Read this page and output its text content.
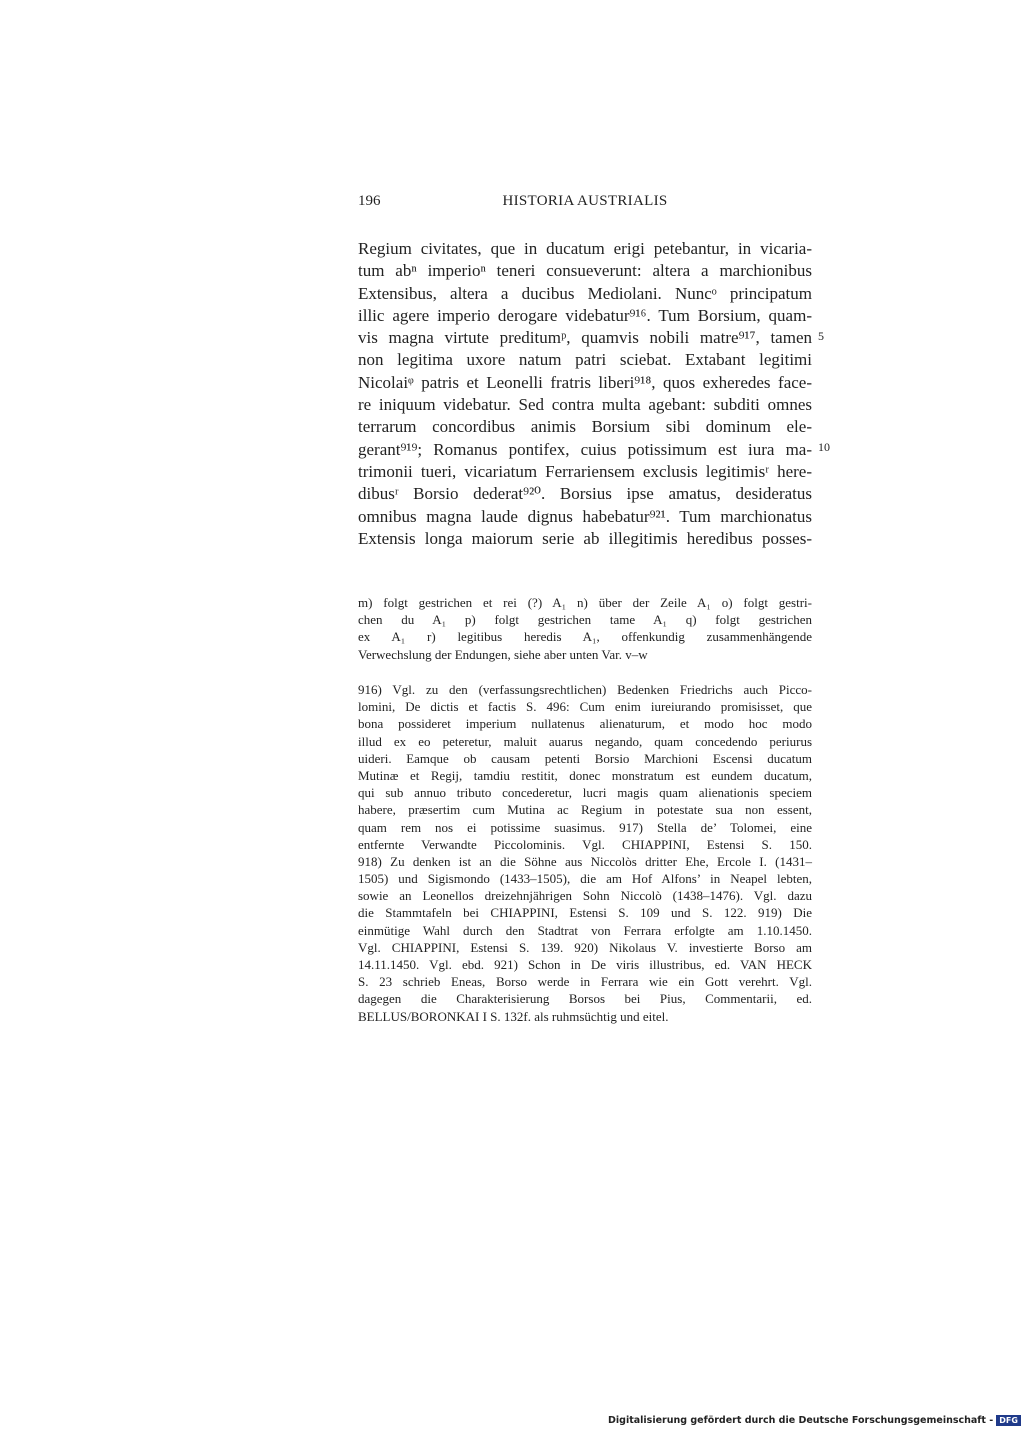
196	HISTORIA AUSTRIALIS
Regium civitates, que in ducatum erigi petebantur, in vicaria-
tum abⁿ imperioⁿ teneri consueverunt: altera a marchionibus
Extensibus, altera a ducibus Mediolani. Nuncᵒ principatum
illic agere imperio derogare videbatur⁹¹⁶. Tum Borsium, quam-
vis magna virtute preditumᵖ, quamvis nobili matre⁹¹⁷, tamen
non legitima uxore natum patri sciebat. Extabant legitimi
Nicolaiᵠ patris et Leonelli fratris liberi⁹¹⁸, quos exheredes face-
re iniquum videbatur. Sed contra multa agebant: subditi omnes
terrarum concordibus animis Borsium sibi dominum ele-
gerant⁹¹⁹; Romanus pontifex, cuius potissimum est iura ma-
trimonii tueri, vicariatum Ferrariensem exclusis legitimisʳ here-
dibusʳ Borsio dederat⁹²⁰. Borsius ipse amatus, desideratus
omnibus magna laude dignus habebatur⁹²¹. Tum marchionatus
Extensis longa maiorum serie ab illegitimis heredibus posses-
5
10
m) folgt gestrichen et rei (?) A₁ n) über der Zeile A₁ o) folgt gestri-
chen du A₁ p) folgt gestrichen tame A₁ q) folgt gestrichen
ex A₁ r) legitibus heredis A₁, offenkundig zusammenhängende
Verwechslung der Endungen, siehe aber unten Var. v–w
916) Vgl. zu den (verfassungsrechtlichen) Bedenken Friedrichs auch Picco-
lomini, De dictis et factis S. 496: Cum enim iureiurando promisisset, que
bona possideret imperium nullatenus alienaturum, et modo hoc modo
illud ex eo peteretur, maluit auarus negando, quam concedendo periurus
uideri. Eamque ob causam petenti Borsio Marchioni Escensi ducatum
Mutinæ et Regij, tamdiu restitit, donec monstratum est eundem ducatum,
qui sub annuo tributo concederetur, lucri magis quam alienationis speciem
habere, præsertim cum Mutina ac Regium in potestate sua non essent,
quam rem nos ei potissime suasimus. 917) Stella de’ Tolomei, eine
entfernte Verwandte Piccolominis. Vgl. CHIAPPINI, Estensi S. 150.
918) Zu denken ist an die Söhne aus Niccolòs dritter Ehe, Ercole I. (1431–
1505) und Sigismondo (1433–1505), die am Hof Alfons’ in Neapel lebten,
sowie an Leonellos dreizehnjährigen Sohn Niccolò (1438–1476). Vgl. dazu
die Stammtafeln bei CHIAPPINI, Estensi S. 109 und S. 122. 919) Die
einmütige Wahl durch den Stadtrat von Ferrara erfolgte am 1.10.1450.
Vgl. CHIAPPINI, Estensi S. 139. 920) Nikolaus V. investierte Borso am
14.11.1450. Vgl. ebd. 921) Schon in De viris illustribus, ed. VAN HECK
S. 23 schrieb Eneas, Borso werde in Ferrara wie ein Gott verehrt. Vgl.
dagegen die Charakterisierung Borsos bei Pius, Commentarii, ed.
BELLUS/BORONKAI I S. 132f. als ruhmsüchtig und eitel.
Digitalisierung gefördert durch die Deutsche Forschungsgemeinschaft - DFG
